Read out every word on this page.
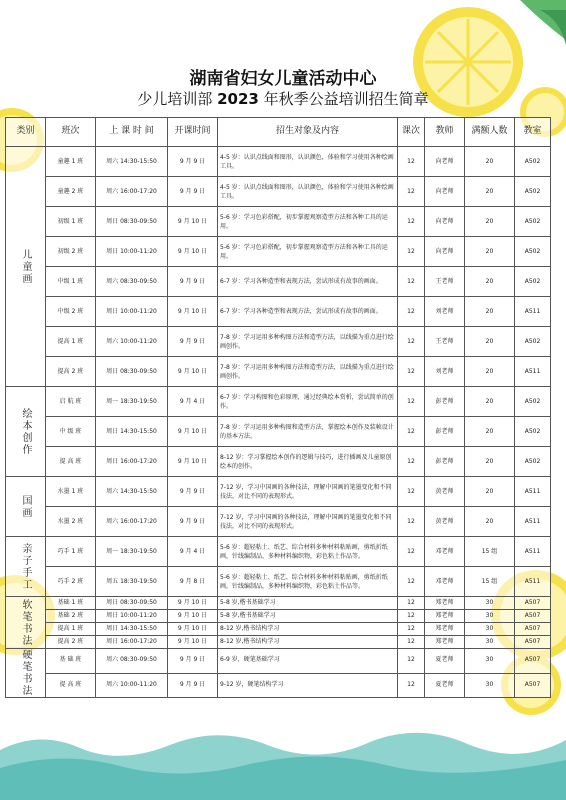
湖南省妇女儿童活动中心
少儿培训部 2023 年秋季公益培训招生简章
类别	班次	上 课 时 间	开课时间	招生对象及内容	课次	教师	满额人数	教室
儿童画	童趣 1 班	周六 14:30-15:50	9 月 9 日	4-5 岁：认识点线面和图形，认识颜色，体验和学习使用各种绘画工具。	12	向老师	20	A502
	童趣 2 班	周六 16:00-17:20	9 月 9 日	4-5 岁：认识点线面和图形，认识颜色，体验和学习使用各种绘画工具。	12	向老师	20	A502
	初级 1 班	周日 08:30-09:50	9 月 10 日	5-6 岁：学习色彩搭配，初步掌握观察造型方法和各种工具的运用。	12	向老师	20	A502
	初级 2 班	周日 10:00-11:20	9 月 10 日	5-6 岁：学习色彩搭配，初步掌握观察造型方法和各种工具的运用。	12	向老师	20	A502
	中级 1 班	周六 08:30-09:50	9 月 9 日	6-7 岁：学习各种造型和表现方法，尝试形成有故事的画面。	12	王老师	20	A502
	中级 2 班	周日 10:00-11:20	9 月 10 日	6-7 岁：学习各种造型和表现方法，尝试形成有故事的画面。	12	刘老师	20	A511
	提高 1 班	周六 10:00-11:20	9 月 9 日	7-8 岁：学习运用多种构图方法和造型方法，以线描为重点进行绘画创作。	12	王老师	20	A502
	提高 2 班	周日 08:30-09:50	9 月 10 日	7-8 岁：学习运用多种构图方法和造型方法，以线描为重点进行绘画创作。	12	刘老师	20	A511
绘本创作	启 航 班	周一 18:30-19:50	9 月 4 日	6-7 岁：学习构图和色彩原理，通过经典绘本赏析，尝试简单的创作。	12	彭老师	20	A502
	中 级 班	周日 14:30-15:50	9 月 10 日	7-8 岁：学习运用多种构图和造型方法，掌握绘本创作及装帧设计的基本方法。	12	彭老师	20	A502
	提 高 班	周日 16:00-17:20	9 月 10 日	8-12 岁：学习掌握绘本创作的逻辑与技巧，进行插画及儿童原创绘本的创作。	12	彭老师	20	A502
国画	水墨 1 班	周六 14:30-15:50	9 月 9 日	7-12 岁，学习中国画的各种技法，理解中国画的笔墨变化和不同技法，对比不同的表现形式。	12	黄老师	20	A511
	水墨 2 班	周六 16:00-17:20	9 月 9 日	7-12 岁，学习中国画的各种技法，理解中国画的笔墨变化和不同技法，对比不同的表现形式。	12	黄老师	20	A511
亲子手工	巧手 1 班	周一 18:30-19:50	9 月 4 日	5-6 岁：超轻粘土、纸艺、综合材料多种材料粘贴画，剪纸折纸画，针线编制品，多种材料编织物，彩色粘土作品等。	12	邓老师	15 组	A511
	巧手 2 班	周五 18:30-19:50	9 月 8 日	5-6 岁：超轻粘土、纸艺、综合材料多种材料粘贴画，剪纸折纸画，针线编制品，多种材料编织物，彩色粘土作品等。	12	邓老师	15 组	A511
软笔书法	基础 1 班	周日 08:30-09:50	9 月 10 日	5-8 岁,楷书基础学习	12	郑老师	30	A507
	基础 2 班	周日 10:00-11:20	9 月 10 日	5-8 岁,楷书基础学习	12	郑老师	30	A507
	提高 1 班	周日 14:30-15:50	9 月 10 日	8-12 岁,楷书结构学习	12	郑老师	30	A507
	提高 2 班	周日 16:00-17:20	9 月 10 日	8-12 岁,楷书结构学习	12	郑老师	30	A507
硬笔书法	基 础 班	周六 08:30-09:50	9 月 9 日	6-9 岁，硬笔基础学习	12	夏老师	30	A507
	提 高 班	周六 10:00-11:20	9 月 9 日	9-12 岁，硬笔结构学习	12	夏老师	30	A507
